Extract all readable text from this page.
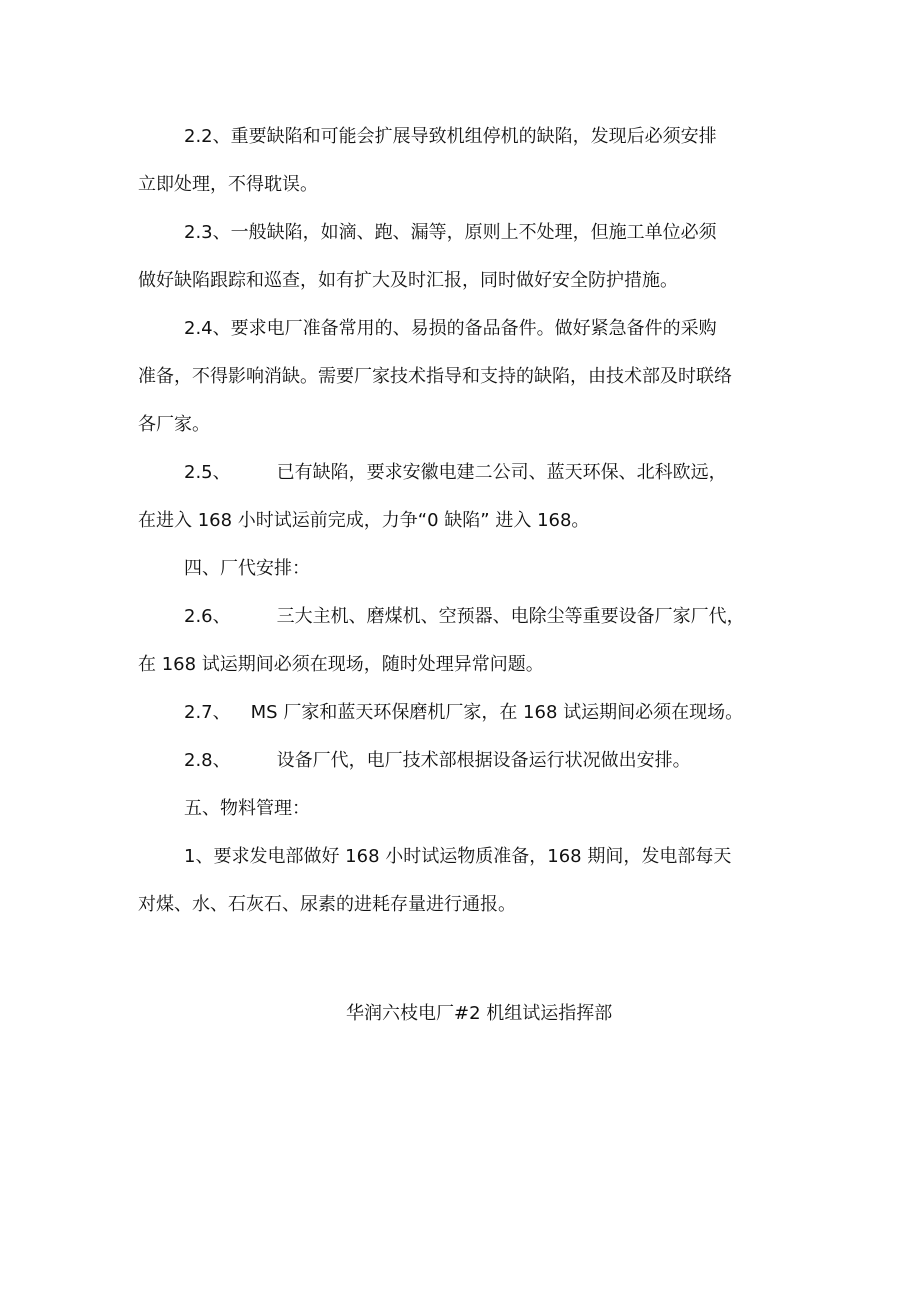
2.2、重要缺陷和可能会扩展导致机组停机的缺陷，发现后必须安排
立即处理，不得耽误。
2.3、一般缺陷，如滴、跑、漏等，原则上不处理，但施工单位必须
做好缺陷跟踪和巡查，如有扩大及时汇报，同时做好安全防护措施。
2.4、要求电厂准备常用的、易损的备品备件。做好紧急备件的采购
准备，不得影响消缺。需要厂家技术指导和支持的缺陷，由技术部及时联络
各厂家。
2.5、	已有缺陷，要求安徽电建二公司、蓝天环保、北科欧远，
在进入 168 小时试运前完成，力争“0 缺陷” 进入 168。
四、厂代安排：
2.6、	三大主机、磨煤机、空预器、电除尘等重要设备厂家厂代，
在 168 试运期间必须在现场，随时处理异常问题。
2.7、 MS 厂家和蓝天环保磨机厂家，在 168 试运期间必须在现场。
2.8、	设备厂代，电厂技术部根据设备运行状况做出安排。
五、物料管理：
1、要求发电部做好 168 小时试运物质准备，168 期间，发电部每天
对煤、水、石灰石、尿素的进耗存量进行通报。
华润六枝电厂#2 机组试运指挥部
